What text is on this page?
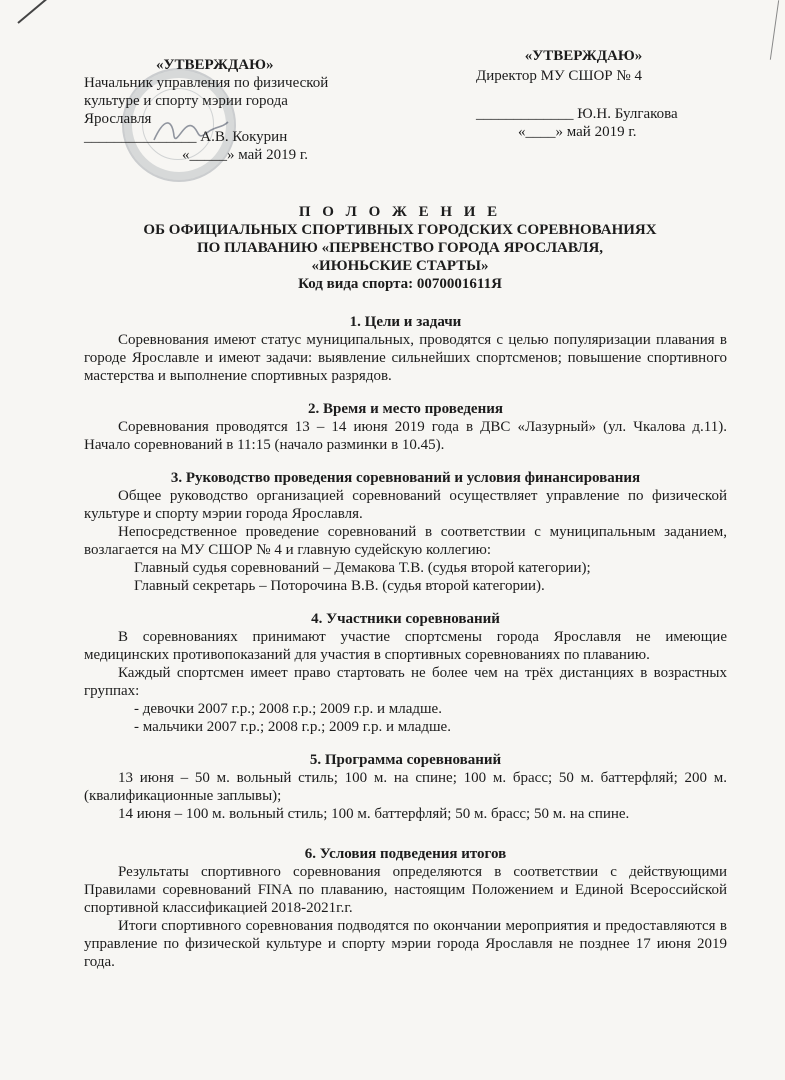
«УТВЕРЖДАЮ»
Начальник управления по физической
культуре и спорту мэрии города
Ярославля
_______________ А.В. Кокурин
«_____» май 2019 г.
«УТВЕРЖДАЮ»
Директор МУ СШОР № 4
_____________ Ю.Н. Булгакова
«____» май 2019 г.
П О Л О Ж Е Н И Е
ОБ ОФИЦИАЛЬНЫХ СПОРТИВНЫХ ГОРОДСКИХ СОРЕВНОВАНИЯХ
ПО ПЛАВАНИЮ «ПЕРВЕНСТВО ГОРОДА ЯРОСЛАВЛЯ,
«ИЮНЬСКИЕ СТАРТЫ»
Код вида спорта: 0070001611Я

1. Цели и задачи

Соревнования имеют статус муниципальных, проводятся с целью популяризации плавания в городе Ярославле и имеют задачи: выявление сильнейших спортсменов; повышение спортивного мастерства и выполнение спортивных разрядов.

2. Время и место проведения

Соревнования проводятся 13 – 14 июня 2019 года в ДВС «Лазурный» (ул. Чкалова д.11). Начало соревнований в 11:15 (начало разминки в 10.45).

3. Руководство проведения соревнований и условия финансирования

Общее руководство организацией соревнований осуществляет управление по физической культуре и спорту мэрии города Ярославля.

Непосредственное проведение соревнований в соответствии с муниципальным заданием, возлагается на МУ СШОР № 4 и главную судейскую коллегию:

Главный судья соревнований – Демакова Т.В. (судья второй категории);

Главный секретарь – Поторочина В.В. (судья второй категории).

4. Участники соревнований

В соревнованиях принимают участие спортсмены города Ярославля не имеющие медицинских противопоказаний для участия в спортивных соревнованиях по плаванию.

Каждый спортсмен имеет право стартовать не более чем на трёх дистанциях в возрастных группах:

- девочки 2007 г.р.; 2008 г.р.; 2009 г.р. и младше.

- мальчики 2007 г.р.; 2008 г.р.; 2009 г.р. и младше.

5. Программа соревнований

13 июня – 50 м. вольный стиль; 100 м. на спине; 100 м. брасс; 50 м. баттерфляй; 200 м. (квалификационные заплывы);

14 июня – 100 м. вольный стиль; 100 м. баттерфляй; 50 м. брасс; 50 м. на спине.

6. Условия подведения итогов

Результаты спортивного соревнования определяются в соответствии с действующими Правилами соревнований FINA по плаванию, настоящим Положением и Единой Всероссийской спортивной классификацией 2018-2021г.г.

Итоги спортивного соревнования подводятся по окончании мероприятия и предоставляются в управление по физической культуре и спорту мэрии города Ярославля не позднее 17 июня 2019 года.
